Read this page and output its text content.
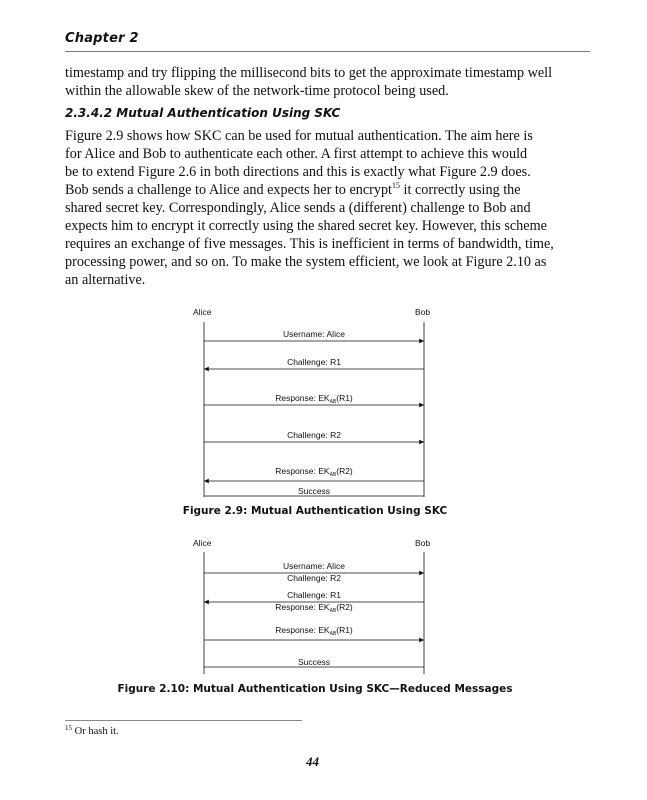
Chapter 2

timestamp and try flipping the millisecond bits to get the approximate timestamp well
within the allowable skew of the network-time protocol being used.

2.3.4.2 Mutual Authentication Using SKC

Figure 2.9 shows how SKC can be used for mutual authentication. The aim here is
for Alice and Bob to authenticate each other. A first attempt to achieve this would
be to extend Figure 2.6 in both directions and this is exactly what Figure 2.9 does.
Bob sends a challenge to Alice and expects her to encrypt$^{15}$ it correctly using the
shared secret key. Correspondingly, Alice sends a (different) challenge to Bob and
expects him to encrypt it correctly using the shared secret key. However, this scheme
requires an exchange of five messages. This is inefficient in terms of bandwidth, time,
processing power, and so on. To make the system efficient, we look at Figure 2.10 as
an alternative.

Alice	Bob
Username: Alice
Challenge: R1
Response: $EK_{AB}(R1)$
Challenge: R2
Response: $EK_{AB}(R2)$
Success
Alice	Bob
Username: Alice
Challenge: R2
Challenge: R1
Response: $EK_{AB}(R2)$
Response: $EK_{AB}(R1)$
Success
Figure 2.9: Mutual Authentication Using SKC
Figure 2.10: Mutual Authentication Using SKC—Reduced Messages
$^{15}$ Or hash it.
44
